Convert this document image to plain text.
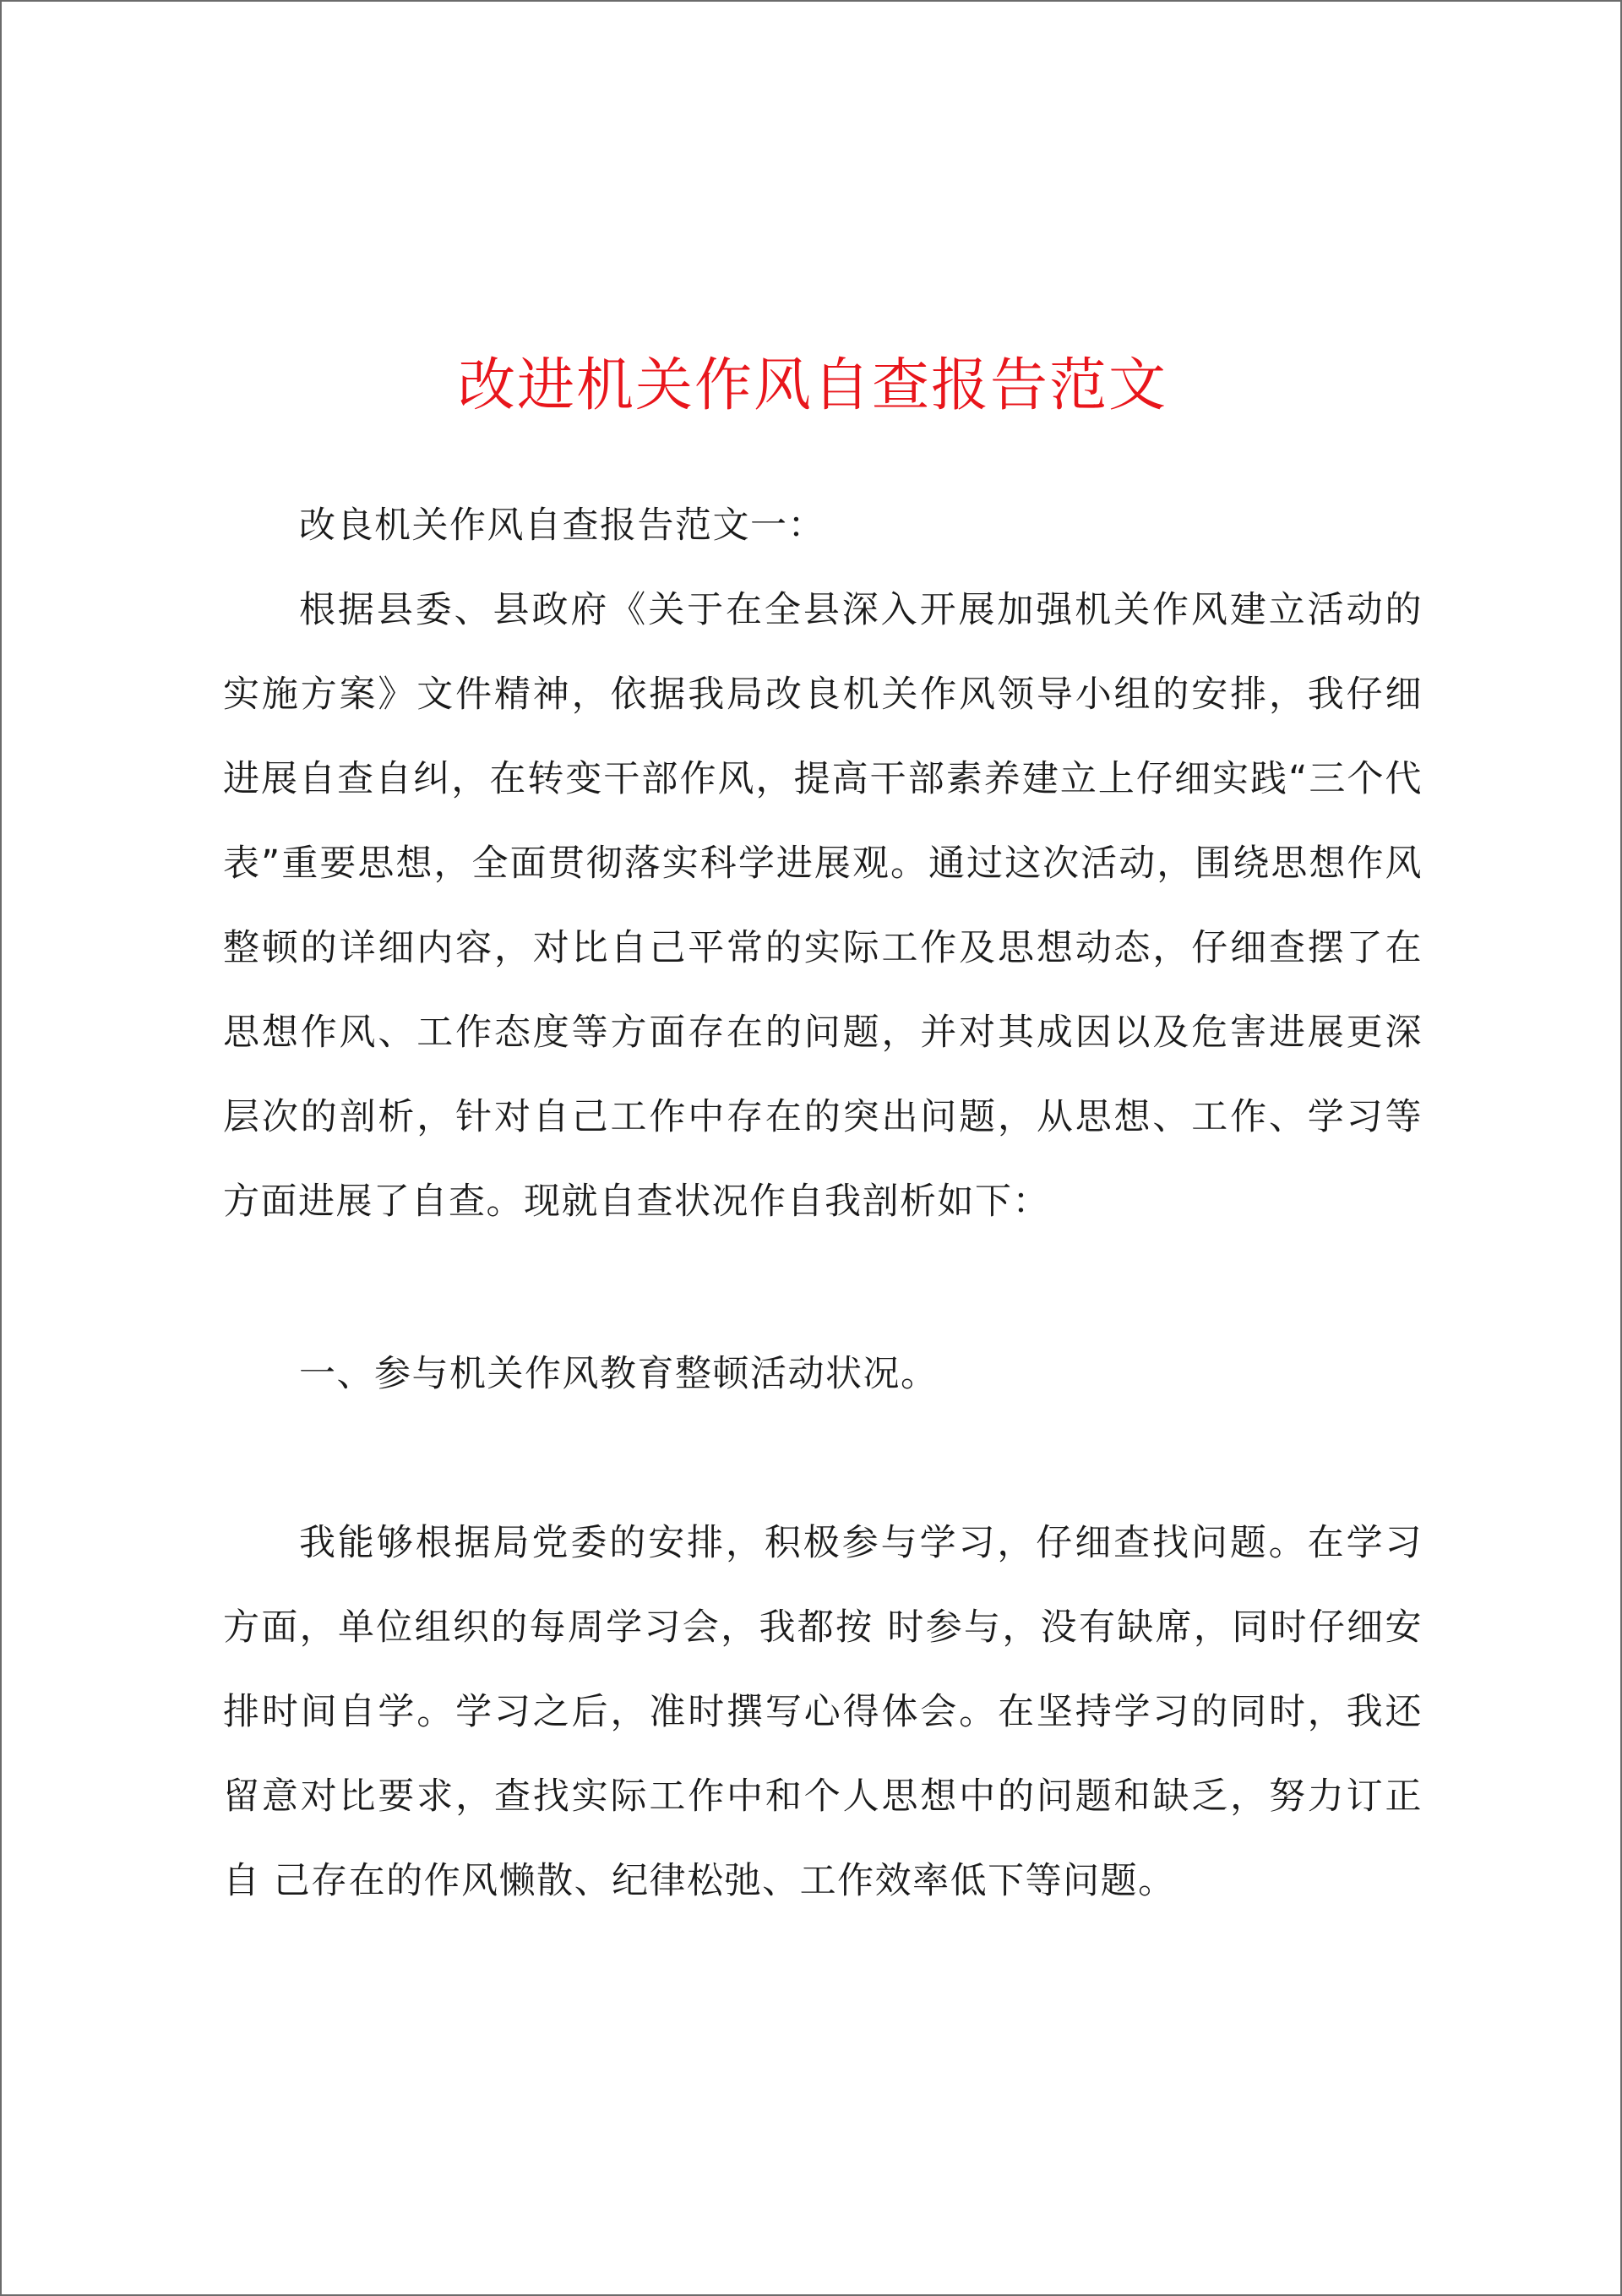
改进机关作风自查报告范文

改良机关作风自查报告范文一：

根据县委、县政府《关于在全县深入开展加强机关作风建立活动的实施方案》文件精神，依据我局改良机关作风领导小组的安排，我仔细进展自查自纠，在转变干部作风，提高干部素养建立上仔细实践“三个代表”重要思想，全面贯彻落实科学进展观。通过这次活动，围绕思想作风整顿的详细内容，对比自己平常的实际工作及思想动态，仔细查摆了在思想作风、工作态度等方面存在的问题，并对其成因以及危害进展更深层次的剖析，针对自己工作中存在的突出问题，从思想、工作、学习等方面进展了自查。现就自查状况作自我剖析如下：

一、参与机关作风教育整顿活动状况。

我能够根据局党委的安排，积极参与学习，仔细查找问题。在学习方面，单位组织的每周学习会，我都按 时参与，没有缺席，同时仔细安排时间自学。学习之后，准时撰写心得体会。在坚持学习的同时，我还留意对比要求，查找实际工作中和个人思想中的问题和缺乏，努力订正自 己存在的作风懒散、纪律松弛、工作效率低下等问题。
